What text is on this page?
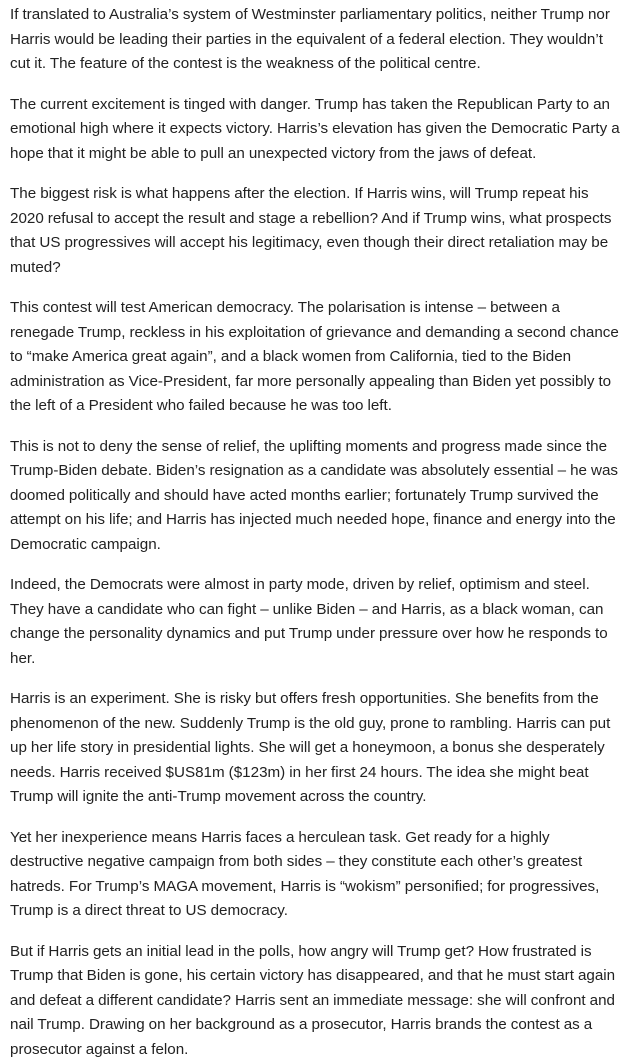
If translated to Australia’s system of Westminster parliamentary politics, neither Trump nor Harris would be leading their parties in the equivalent of a federal election. They wouldn’t cut it. The feature of the contest is the weakness of the political centre.

The current excitement is tinged with danger. Trump has taken the Republican Party to an emotional high where it expects victory. Harris’s elevation has given the Democratic Party a hope that it might be able to pull an unexpected victory from the jaws of defeat.

The biggest risk is what happens after the election. If Harris wins, will Trump repeat his 2020 refusal to accept the result and stage a rebellion? And if Trump wins, what prospects that US progressives will accept his legitimacy, even though their direct retaliation may be muted?

This contest will test American democracy. The polarisation is intense – between a renegade Trump, reckless in his exploitation of grievance and demanding a second chance to “make America great again”, and a black women from California, tied to the Biden administration as Vice-President, far more personally appealing than Biden yet possibly to the left of a President who failed because he was too left.

This is not to deny the sense of relief, the uplifting moments and progress made since the Trump-Biden debate. Biden’s resignation as a candidate was absolutely essential – he was doomed politically and should have acted months earlier; fortunately Trump survived the attempt on his life; and Harris has injected much needed hope, finance and energy into the Democratic campaign.

Indeed, the Democrats were almost in party mode, driven by relief, optimism and steel. They have a candidate who can fight – unlike Biden – and Harris, as a black woman, can change the personality dynamics and put Trump under pressure over how he responds to her.

Harris is an experiment. She is risky but offers fresh opportunities. She benefits from the phenomenon of the new. Suddenly Trump is the old guy, prone to rambling. Harris can put up her life story in presidential lights. She will get a honeymoon, a bonus she desperately needs. Harris received $US81m ($123m) in her first 24 hours. The idea she might beat Trump will ignite the anti-Trump movement across the country.

Yet her inexperience means Harris faces a herculean task. Get ready for a highly destructive negative campaign from both sides – they constitute each other’s greatest hatreds. For Trump’s MAGA movement, Harris is “wokism” personified; for progressives, Trump is a direct threat to US democracy.

But if Harris gets an initial lead in the polls, how angry will Trump get? How frustrated is Trump that Biden is gone, his certain victory has disappeared, and that he must start again and defeat a different candidate? Harris sent an immediate message: she will confront and nail Trump. Drawing on her background as a prosecutor, Harris brands the contest as a prosecutor against a felon.
